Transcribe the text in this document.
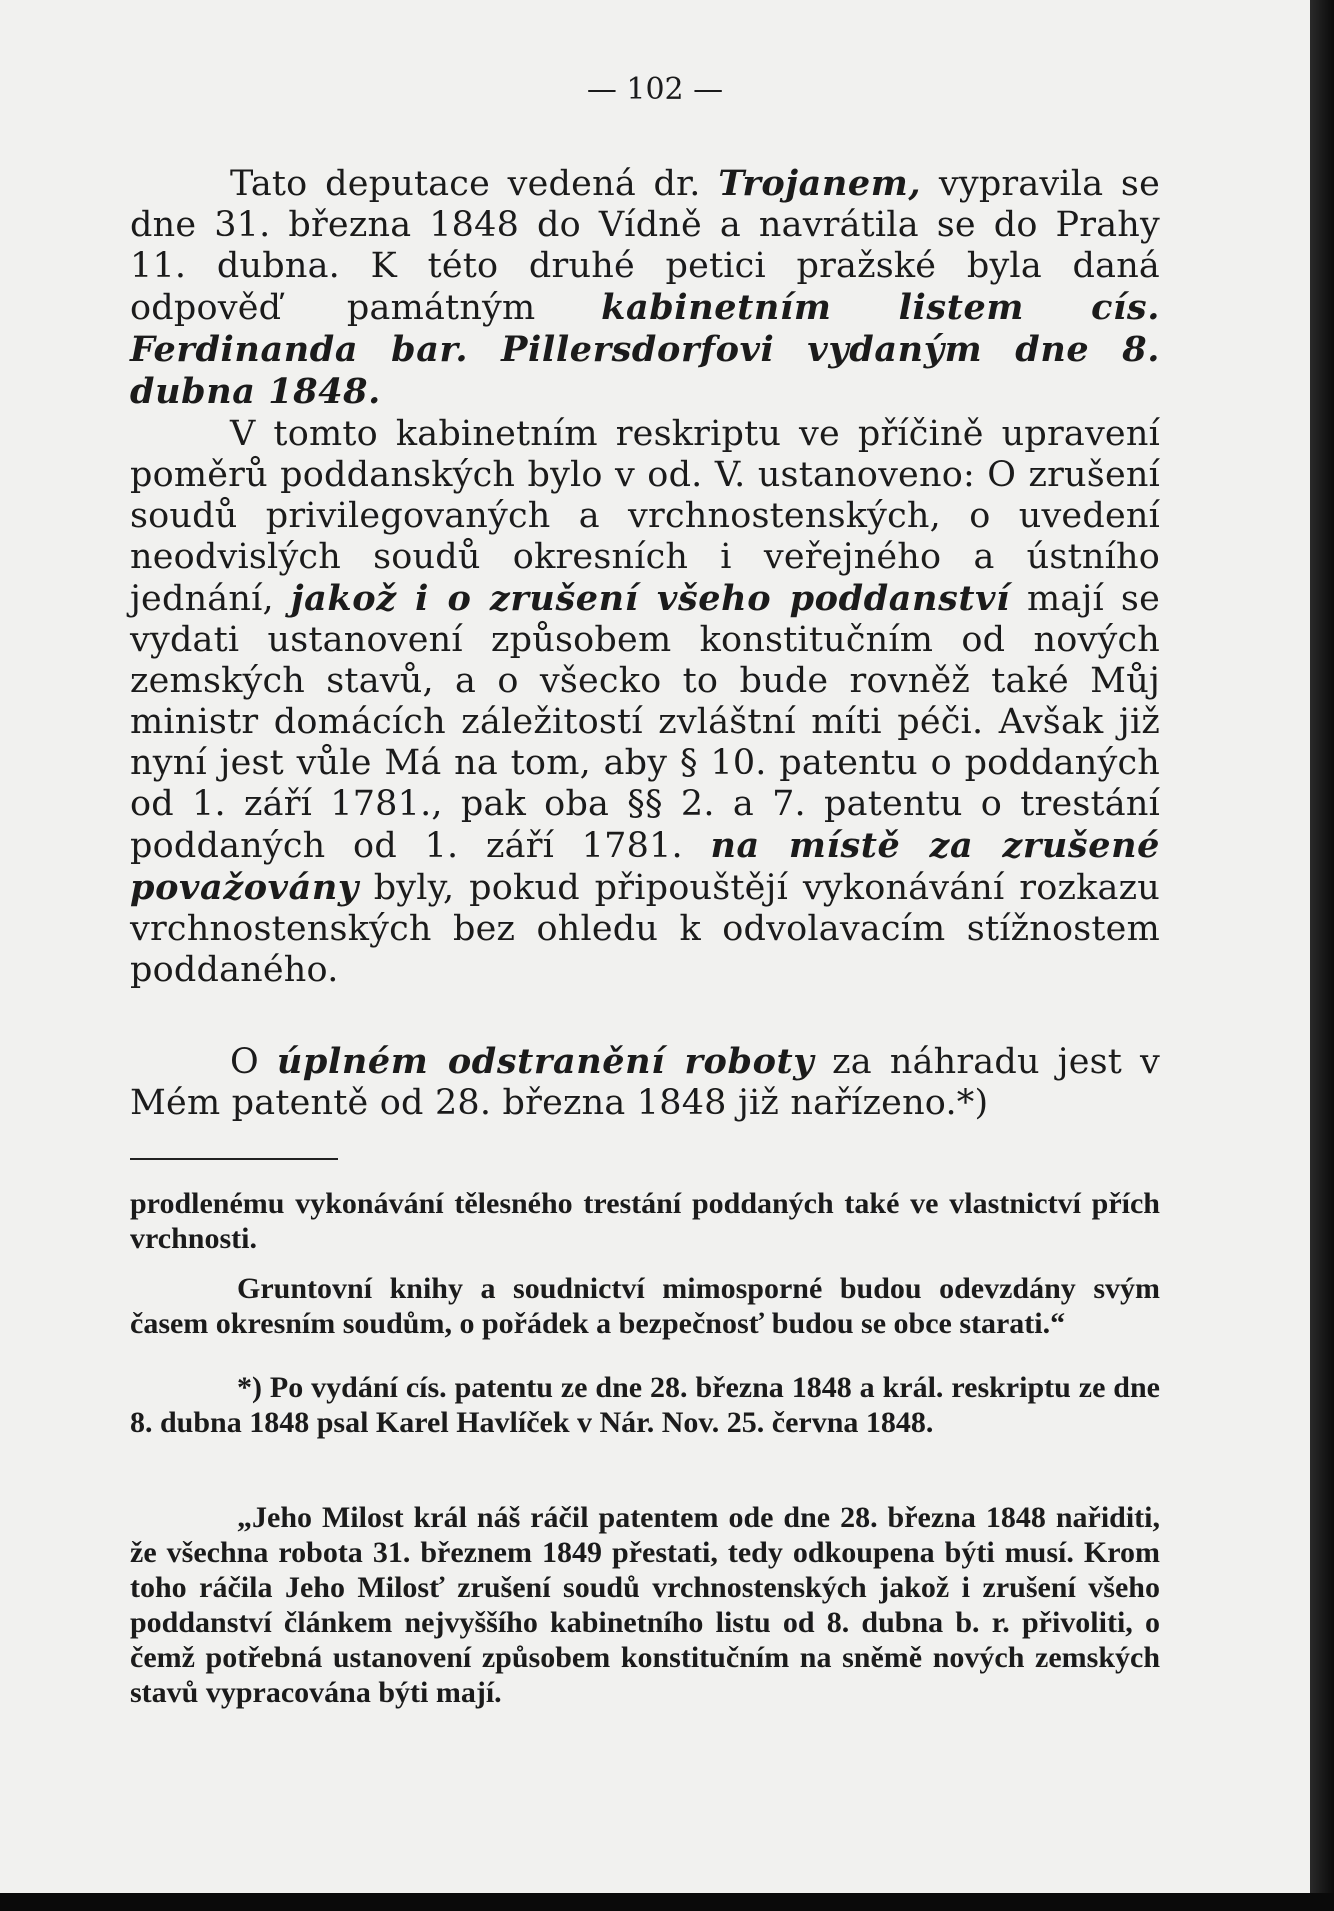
— 102 —

Tato deputace vedená dr. Trojanem, vypravila se dne 31. března 1848 do Vídně a navrátila se do Prahy 11. dubna. K této druhé petici pražské byla daná odpověď památným kabinetním listem cís. Ferdinanda bar. Pillersdorfovi vydaným dne 8. dubna 1848.

V tomto kabinetním reskriptu ve příčině upravení poměrů poddanských bylo v od. V. ustanoveno: O zrušení soudů privilegovaných a vrchnostenských, o uvedení neodvislých soudů okresních i veřejného a ústního jednání, jakož i o zrušení všeho poddanství mají se vydati ustanovení způsobem konstitučním od nových zemských stavů, a o všecko to bude rovněž také Můj ministr domácích záležitostí zvláštní míti péči. Avšak již nyní jest vůle Má na tom, aby § 10. patentu o poddaných od 1. září 1781., pak oba §§ 2. a 7. patentu o trestání poddaných od 1. září 1781. na místě za zrušené považovány byly, pokud připouštějí vykonávání rozkazu vrchnostenských bez ohledu k odvolavacím stížnostem poddaného.

O úplném odstranění roboty za náhradu jest v Mém patentě od 28. března 1848 již nařízeno.*)

prodlenému vykonávání tělesného trestání poddaných také ve vlastnictví přích vrchnosti.

Gruntovní knihy a soudnictví mimosporné budou odevzdány svým časem okresním soudům, o pořádek a bezpečnosť budou se obce starati.“

*) Po vydání cís. patentu ze dne 28. března 1848 a král. reskriptu ze dne 8. dubna 1848 psal Karel Havlíček v Nár. Nov. 25. června 1848.

„Jeho Milost král náš ráčil patentem ode dne 28. března 1848 nařiditi, že všechna robota 31. březnem 1849 přestati, tedy odkoupena býti musí. Krom toho ráčila Jeho Milosť zrušení soudů vrchnostenských jakož i zrušení všeho poddanství článkem nejvyššího kabinetního listu od 8. dubna b. r. přivoliti, o čemž potřebná ustanovení způsobem konstitučním na sněmě nových zemských stavů vypracována býti mají.
